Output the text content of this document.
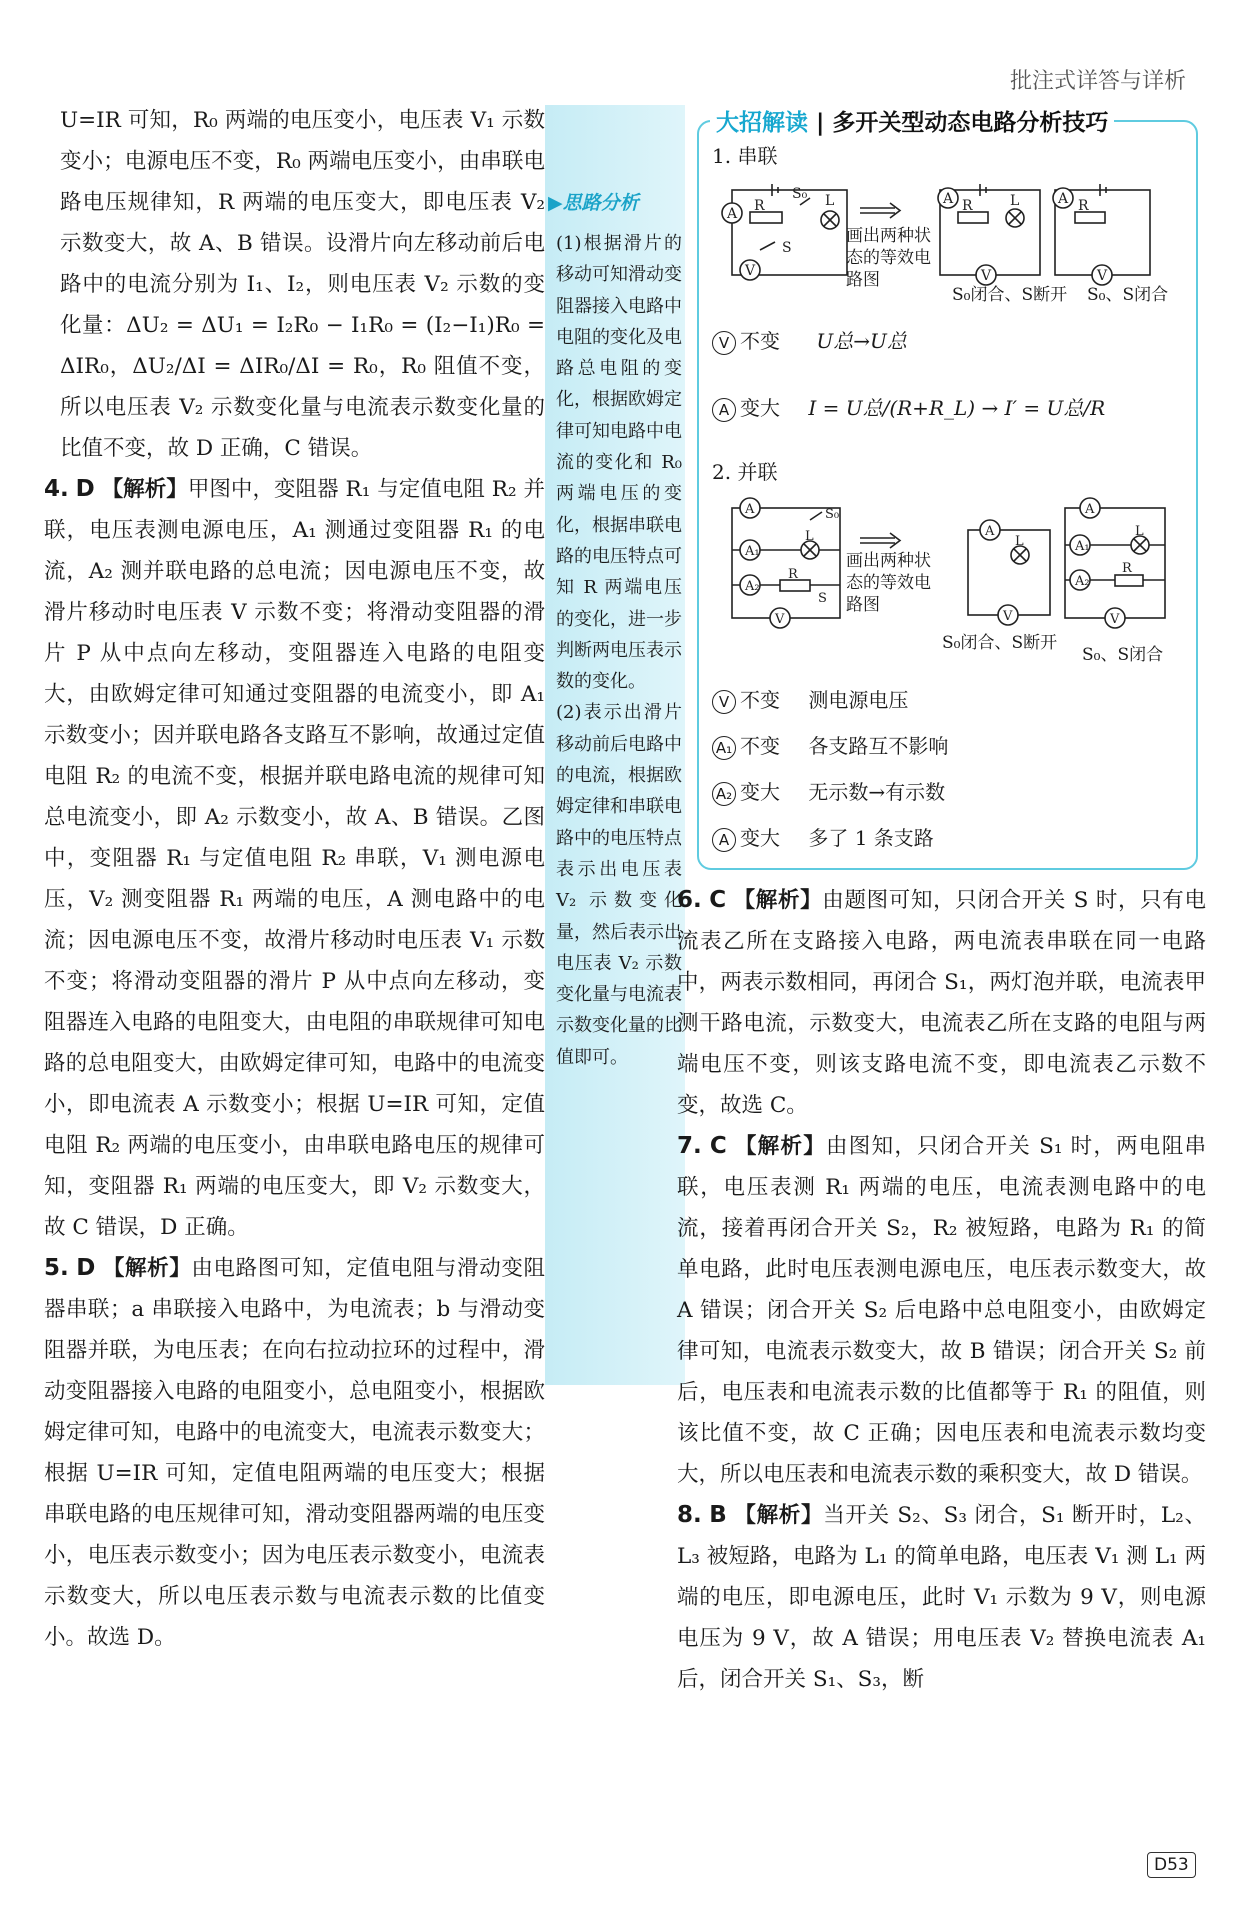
批注式详答与详析

U=IR 可知，R₀ 两端的电压变小，电压表 V₁ 示数变小；电源电压不变，R₀ 两端电压变小，由串联电路电压规律知，R 两端的电压变大，即电压表 V₂ 示数变大，故 A、B 错误。设滑片向左移动前后电路中的电流分别为 I₁、I₂，则电压表 V₂ 示数的变化量：ΔU₂ = ΔU₁ = I₂R₀ − I₁R₀ = (I₂−I₁)R₀ = ΔIR₀，ΔU₂/ΔI = ΔIR₀/ΔI = R₀，R₀ 阻值不变，所以电压表 V₂ 示数变化量与电流表示数变化量的比值不变，故 D 正确，C 错误。

4. D 【解析】甲图中，变阻器 R₁ 与定值电阻 R₂ 并联，电压表测电源电压，A₁ 测通过变阻器 R₁ 的电流，A₂ 测并联电路的总电流；因电源电压不变，故滑片移动时电压表 V 示数不变；将滑动变阻器的滑片 P 从中点向左移动，变阻器连入电路的电阻变大，由欧姆定律可知通过变阻器的电流变小，即 A₁ 示数变小；因并联电路各支路互不影响，故通过定值电阻 R₂ 的电流不变，根据并联电路电流的规律可知总电流变小，即 A₂ 示数变小，故 A、B 错误。乙图中，变阻器 R₁ 与定值电阻 R₂ 串联，V₁ 测电源电压，V₂ 测变阻器 R₁ 两端的电压，A 测电路中的电流；因电源电压不变，故滑片移动时电压表 V₁ 示数不变；将滑动变阻器的滑片 P 从中点向左移动，变阻器连入电路的电阻变大，由电阻的串联规律可知电路的总电阻变大，由欧姆定律可知，电路中的电流变小，即电流表 A 示数变小；根据 U=IR 可知，定值电阻 R₂ 两端的电压变小，由串联电路电压的规律可知，变阻器 R₁ 两端的电压变大，即 V₂ 示数变大，故 C 错误，D 正确。

5. D 【解析】由电路图可知，定值电阻与滑动变阻器串联；a 串联接入电路中，为电流表；b 与滑动变阻器并联，为电压表；在向右拉动拉环的过程中，滑动变阻器接入电路的电阻变小，总电阻变小，根据欧姆定律可知，电路中的电流变大，电流表示数变大；根据 U=IR 可知，定值电阻两端的电压变大；根据串联电路的电压规律可知，滑动变阻器两端的电压变小，电压表示数变小；因为电压表示数变小，电流表示数变大，所以电压表示数与电流表示数的比值变小。故选 D。

▶思路分析

(1)根据滑片的移动可知滑动变阻器接入电路中电阻的变化及电路总电阻的变化，根据欧姆定律可知电路中电流的变化和 R₀ 两端电压的变化，根据串联电路的电压特点可知 R 两端电压的变化，进一步判断两电压表示数的变化。

(2)表示出滑片移动前后电路中的电流，根据欧姆定律和串联电路中的电压特点表示出电压表 V₂ 示数变化量，然后表示出电压表 V₂ 示数变化量与电流表示数变化量的比值即可。

大招解读 | 多开关型动态电路分析技巧
1. 串联
A R
S₀ L
S
V
A R	L
V
A R
V
画出两种状态的等效电路图
S₀闭合、S断开 S₀、S闭合
V 不变 U总→U总
A 变大 I = U总/(R+R_L) → I′ = U总/R
2. 并联
A
A₁
A₂
L
R
V
S₀
S
A
L
V
A
A₁
A₂
L
R
V
画出两种状态的等效电路图
S₀闭合、S断开
S₀、S闭合
V 不变 测电源电压
A₁ 不变 各支路互不影响
A₂ 变大 无示数→有示数
A 变大 多了 1 条支路

6. C 【解析】由题图可知，只闭合开关 S 时，只有电流表乙所在支路接入电路，两电流表串联在同一电路中，两表示数相同，再闭合 S₁，两灯泡并联，电流表甲测干路电流，示数变大，电流表乙所在支路的电阻与两端电压不变，则该支路电流不变，即电流表乙示数不变，故选 C。

7. C 【解析】由图知，只闭合开关 S₁ 时，两电阻串联，电压表测 R₁ 两端的电压，电流表测电路中的电流，接着再闭合开关 S₂，R₂ 被短路，电路为 R₁ 的简单电路，此时电压表测电源电压，电压表示数变大，故 A 错误；闭合开关 S₂ 后电路中总电阻变小，由欧姆定律可知，电流表示数变大，故 B 错误；闭合开关 S₂ 前后，电压表和电流表示数的比值都等于 R₁ 的阻值，则该比值不变，故 C 正确；因电压表和电流表示数均变大，所以电压表和电流表示数的乘积变大，故 D 错误。

8. B 【解析】当开关 S₂、S₃ 闭合，S₁ 断开时，L₂、L₃ 被短路，电路为 L₁ 的简单电路，电压表 V₁ 测 L₁ 两端的电压，即电源电压，此时 V₁ 示数为 9 V，则电源电压为 9 V，故 A 错误；用电压表 V₂ 替换电流表 A₁ 后，闭合开关 S₁、S₃，断

D53
